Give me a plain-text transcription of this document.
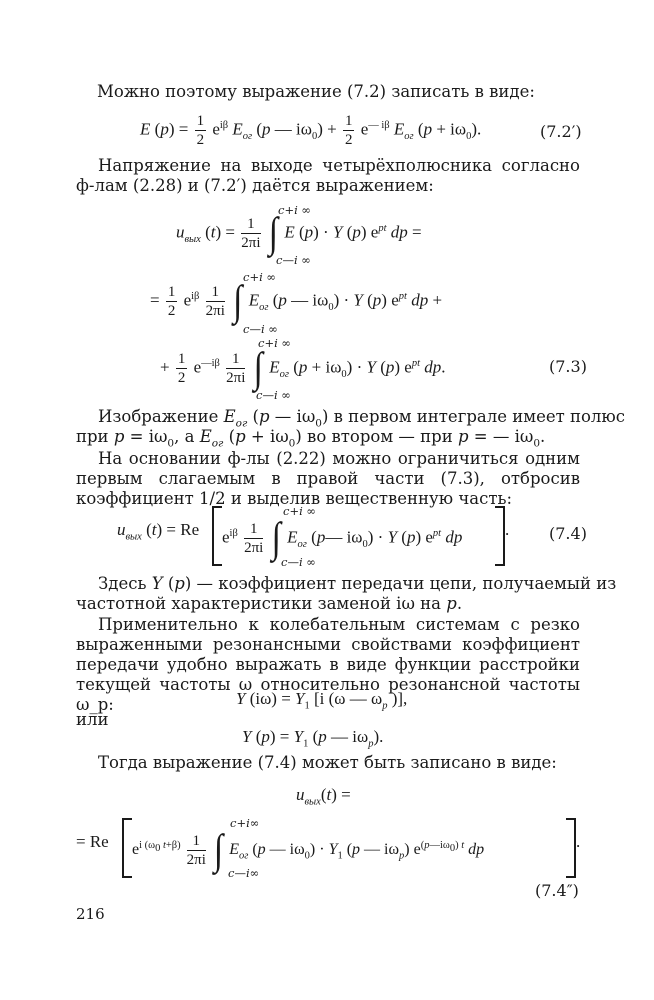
Можно поэтому выражение (7.2) записать в виде:
E $(p) = \frac{1}{2} e^{i\beta}$ $E_{ог}$ (p — $i\omega_0) + \frac{1}{2} e^{— i\beta}$ $E_{ог}$ $(p + i\omega_0)$.	(7.2′)
Напряжение на выходе четырёхполюсника согласно ф-лам (2.28) и (7.2′) даётся выражением:
$u_{вых}$ $(t) = \frac{1}{2\pi i}$ ∫ E (p) · Y (p) $e^{pt}$ dp =
c+i ∞
c—i ∞
= $\frac{1}{2} e^{i\beta} \frac{1}{2\pi i}$ ∫ $E_{ог}$ (p — $i\omega_0) \cdot Y$ (p) $e^{pt}$ dp +
c+i ∞
c—i ∞
+ $\frac{1}{2} e^{—i\beta} \frac{1}{2\pi i}$ ∫ $E_{ог}$ $(p + i\omega_0) \cdot Y$ (p) $e^{pt}$ dp.
c+i ∞
c—i ∞
(7.3)
Изображение $E_{ог}$ (p — $i\omega_0$) в первом интеграле имеет полюс
при $p = i\omega_0$, а $E_{ог}$ $(p + i\omega_0)$ во втором — при p = — $i\omega_0$.
На основании ф-лы (2.22) можно ограничиться одним первым слагаемым в правой части (7.3), отбросив коэффициент 1/2 и выделив вещественную часть:
$u_{вых}$ (t) = Re $e^{i\beta} \frac{1}{2\pi i}$ ∫ $E_{ог}$ (p— $i\omega_0) \cdot Y$ (p) $e^{pt}$ dp	.
c+i ∞
c—i ∞
(7.4)
Здесь Y (p) — коэффициент передачи цепи, получаемый из
частотной характеристики заменой iω на p.
Применительно к колебательным системам с резко выраженными резонансными свойствами коэффициент передачи удобно выражать в виде функции расстройки текущей частоты ω относительно резонансной частоты ω_p:	Y $(i\omega) = Y_1$ [i (ω — $\omega_p$ )],
или
Y $(p) = Y_1$ (p — $i\omega_p$).
Тогда выражение (7.4) может быть записано в виде:
$u_{вых}(t)$ =
= Re $e^{i (\omega_0 t+\beta)} \frac{1}{2\pi i}$ ∫ $E_{ог}$ (p — $i\omega_0) \cdot Y_1$ (p — $i\omega_p$) $e^{(p—i\omega_0) t}$ dp	.
c+i∞
c—i∞
(7.4″)
216
